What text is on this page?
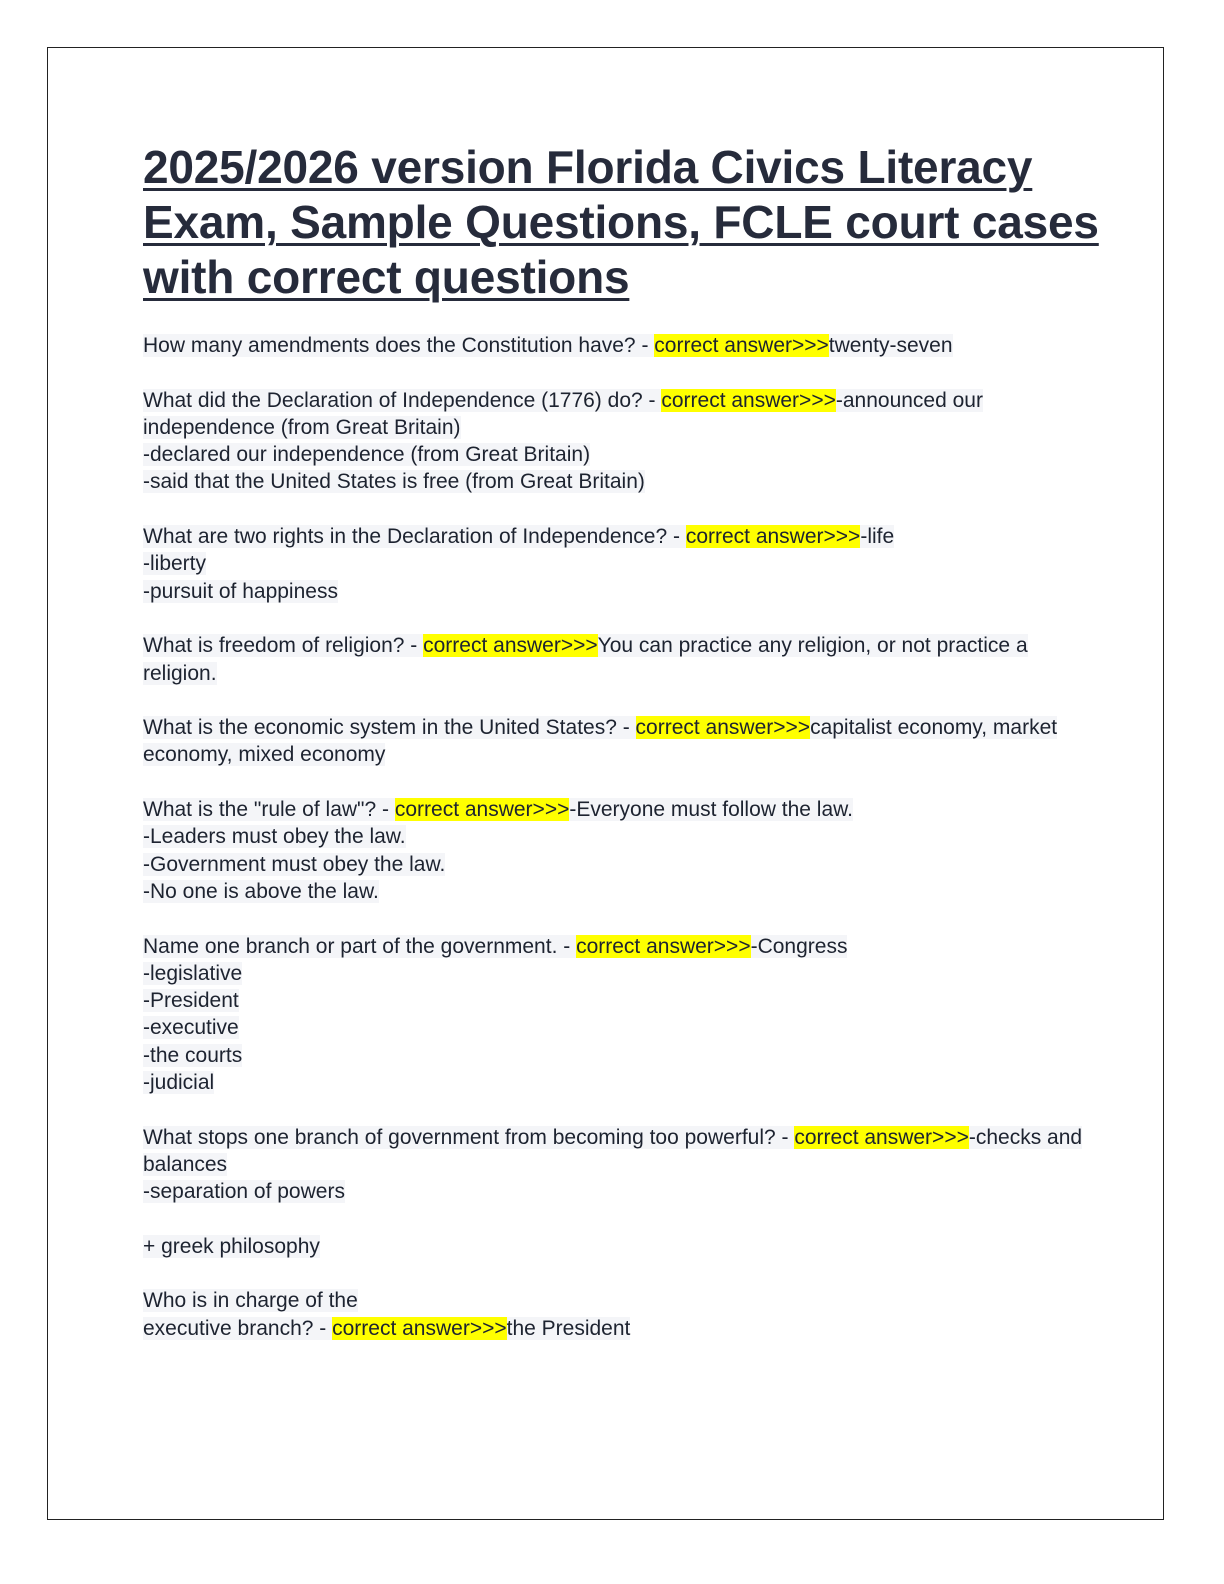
2025/2026 version Florida Civics Literacy Exam, Sample Questions, FCLE court cases with correct questions
How many amendments does the Constitution have? - correct answer>>>twenty-seven
What did the Declaration of Independence (1776) do? - correct answer>>>-announced our independence (from Great Britain)
-declared our independence (from Great Britain)
-said that the United States is free (from Great Britain)
What are two rights in the Declaration of Independence? - correct answer>>>-life
-liberty
-pursuit of happiness
What is freedom of religion? - correct answer>>>You can practice any religion, or not practice a religion.
What is the economic system in the United States? - correct answer>>>capitalist economy, market economy, mixed economy
What is the "rule of law"? - correct answer>>>-Everyone must follow the law.
-Leaders must obey the law.
-Government must obey the law.
-No one is above the law.
Name one branch or part of the government. - correct answer>>>-Congress
-legislative
-President
-executive
-the courts
-judicial
What stops one branch of government from becoming too powerful? - correct answer>>>-checks and balances
-separation of powers
+ greek philosophy
Who is in charge of the
executive branch? - correct answer>>>the President
